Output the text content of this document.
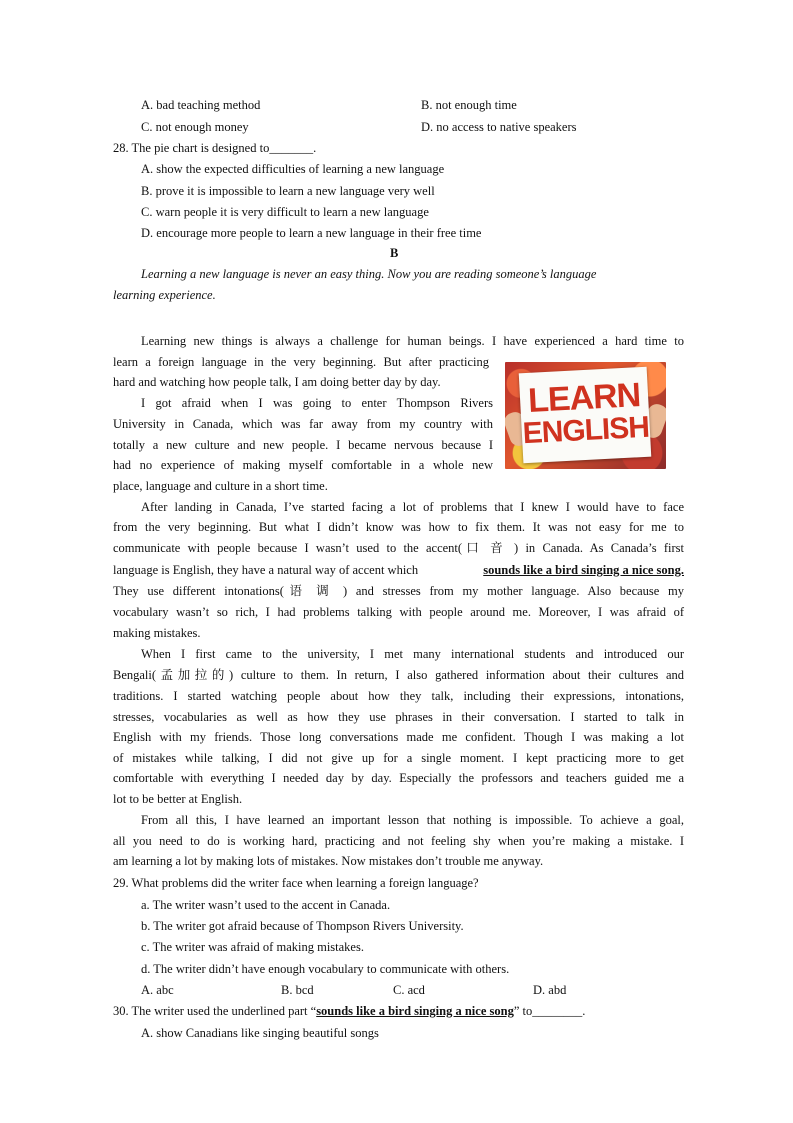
A. bad teaching method	B. not enough time
C. not enough money	D. no access to native speakers
28. The pie chart is designed to_______.
A. show the expected difficulties of learning a new language
B. prove it is impossible to learn a new language very well
C. warn people it is very difficult to learn a new language
D. encourage more people to learn a new language in their free time
B
Learning a new language is never an easy thing. Now you are reading someone’s language
learning experience.
LEARN
ENGLISH
Learning new things is always a challenge for human beings. I have experienced a hard time to
learn a foreign language in the very beginning. But after practicing
hard and watching how people talk, I am doing better day by day.
I got afraid when I was going to enter Thompson Rivers
University in Canada, which was far away from my country with
totally a new culture and new people. I became nervous because I
had no experience of making myself comfortable in a whole new
place, language and culture in a short time.
After landing in Canada, I’ve started facing a lot of problems that I knew I would have to face
from the very beginning. But what I didn’t know was how to fix them. It was not easy for me to
communicate with people because I wasn’t used to the accent(口 音 ) in Canada. As Canada’s first
language is English, they have a natural way of accent which	sounds like a bird singing a nice song.
They use different intonations(语 调 ) and stresses from my mother language. Also because my
vocabulary wasn’t so rich, I had problems talking with people around me. Moreover, I was afraid of
making mistakes.
When I first came to the university, I met many international students and introduced our
Bengali(孟加拉的) culture to them. In return, I also gathered information about their cultures and
traditions. I started watching people about how they talk, including their expressions, intonations,
stresses, vocabularies as well as how they use phrases in their conversation. I started to talk in
English with my friends. Those long conversations made me confident. Though I was making a lot
of mistakes while talking, I did not give up for a single moment. I kept practicing more to get
comfortable with everything I needed day by day. Especially the professors and teachers guided me a
lot to be better at English.
From all this, I have learned an important lesson that nothing is impossible. To achieve a goal,
all you need to do is working hard, practicing and not feeling shy when you’re making a mistake. I
am learning a lot by making lots of mistakes. Now mistakes don’t trouble me anyway.
29. What problems did the writer face when learning a foreign language?
a. The writer wasn’t used to the accent in Canada.
b. The writer got afraid because of Thompson Rivers University.
c. The writer was afraid of making mistakes.
d. The writer didn’t have enough vocabulary to communicate with others.
A. abc	B. bcd	C. acd	D. abd
30. The writer used the underlined part “sounds like a bird singing a nice song” to________.
A. show Canadians like singing beautiful songs
